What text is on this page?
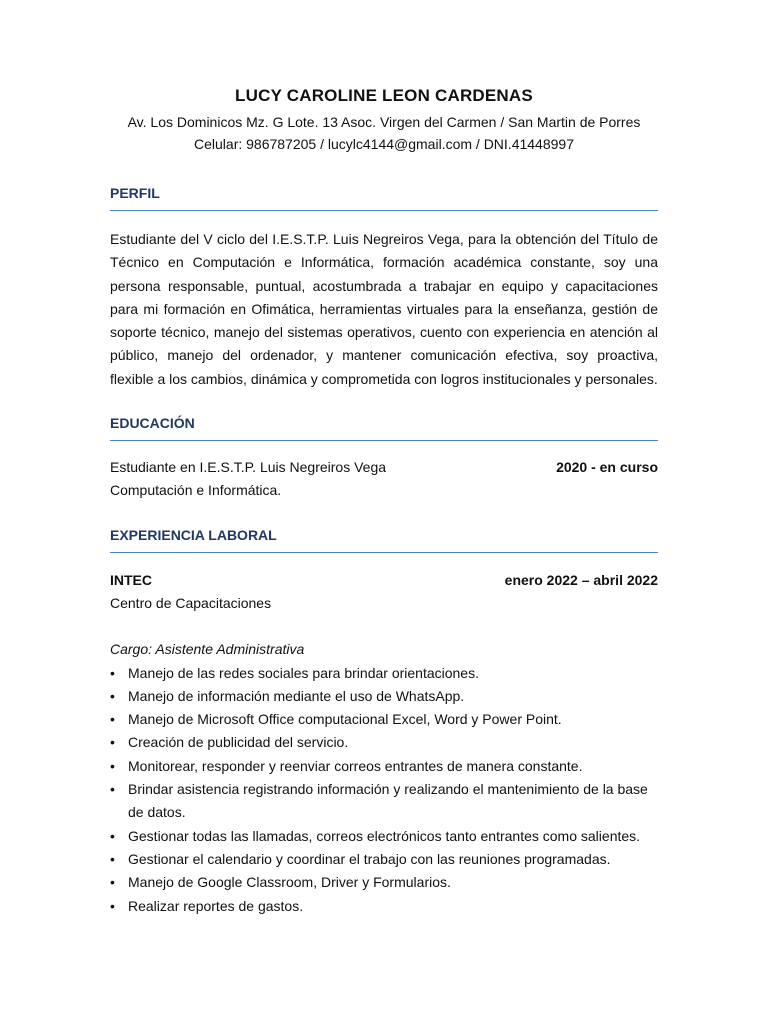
LUCY CAROLINE LEON CARDENAS

Av. Los Dominicos Mz. G Lote. 13 Asoc. Virgen del Carmen / San Martin de Porres

Celular: 986787205 / lucylc4144@gmail.com / DNI.41448997

PERFIL

Estudiante del V ciclo del I.E.S.T.P. Luis Negreiros Vega, para la obtención del Título de Técnico en Computación e Informática, formación académica constante, soy una persona responsable, puntual, acostumbrada a trabajar en equipo y capacitaciones para mi formación en Ofimática, herramientas virtuales para la enseñanza, gestión de soporte técnico, manejo del sistemas operativos, cuento con experiencia en atención al público, manejo del ordenador, y mantener comunicación efectiva, soy proactiva, flexible a los cambios, dinámica y comprometida con logros institucionales y personales.

EDUCACIÓN
Estudiante en I.E.S.T.P. Luis Negreiros Vega	2020 - en curso

Computación e Informática.

EXPERIENCIA LABORAL
INTEC	enero 2022 – abril 2022

Centro de Capacitaciones

Cargo: Asistente Administrativa

• Manejo de las redes sociales para brindar orientaciones.
• Manejo de información mediante el uso de WhatsApp.
• Manejo de Microsoft Office computacional Excel, Word y Power Point.
• Creación de publicidad del servicio.
• Monitorear, responder y reenviar correos entrantes de manera constante.
• Brindar asistencia registrando información y realizando el mantenimiento de la base de datos.
• Gestionar todas las llamadas, correos electrónicos tanto entrantes como salientes.
• Gestionar el calendario y coordinar el trabajo con las reuniones programadas.
• Manejo de Google Classroom, Driver y Formularios.
• Realizar reportes de gastos.
